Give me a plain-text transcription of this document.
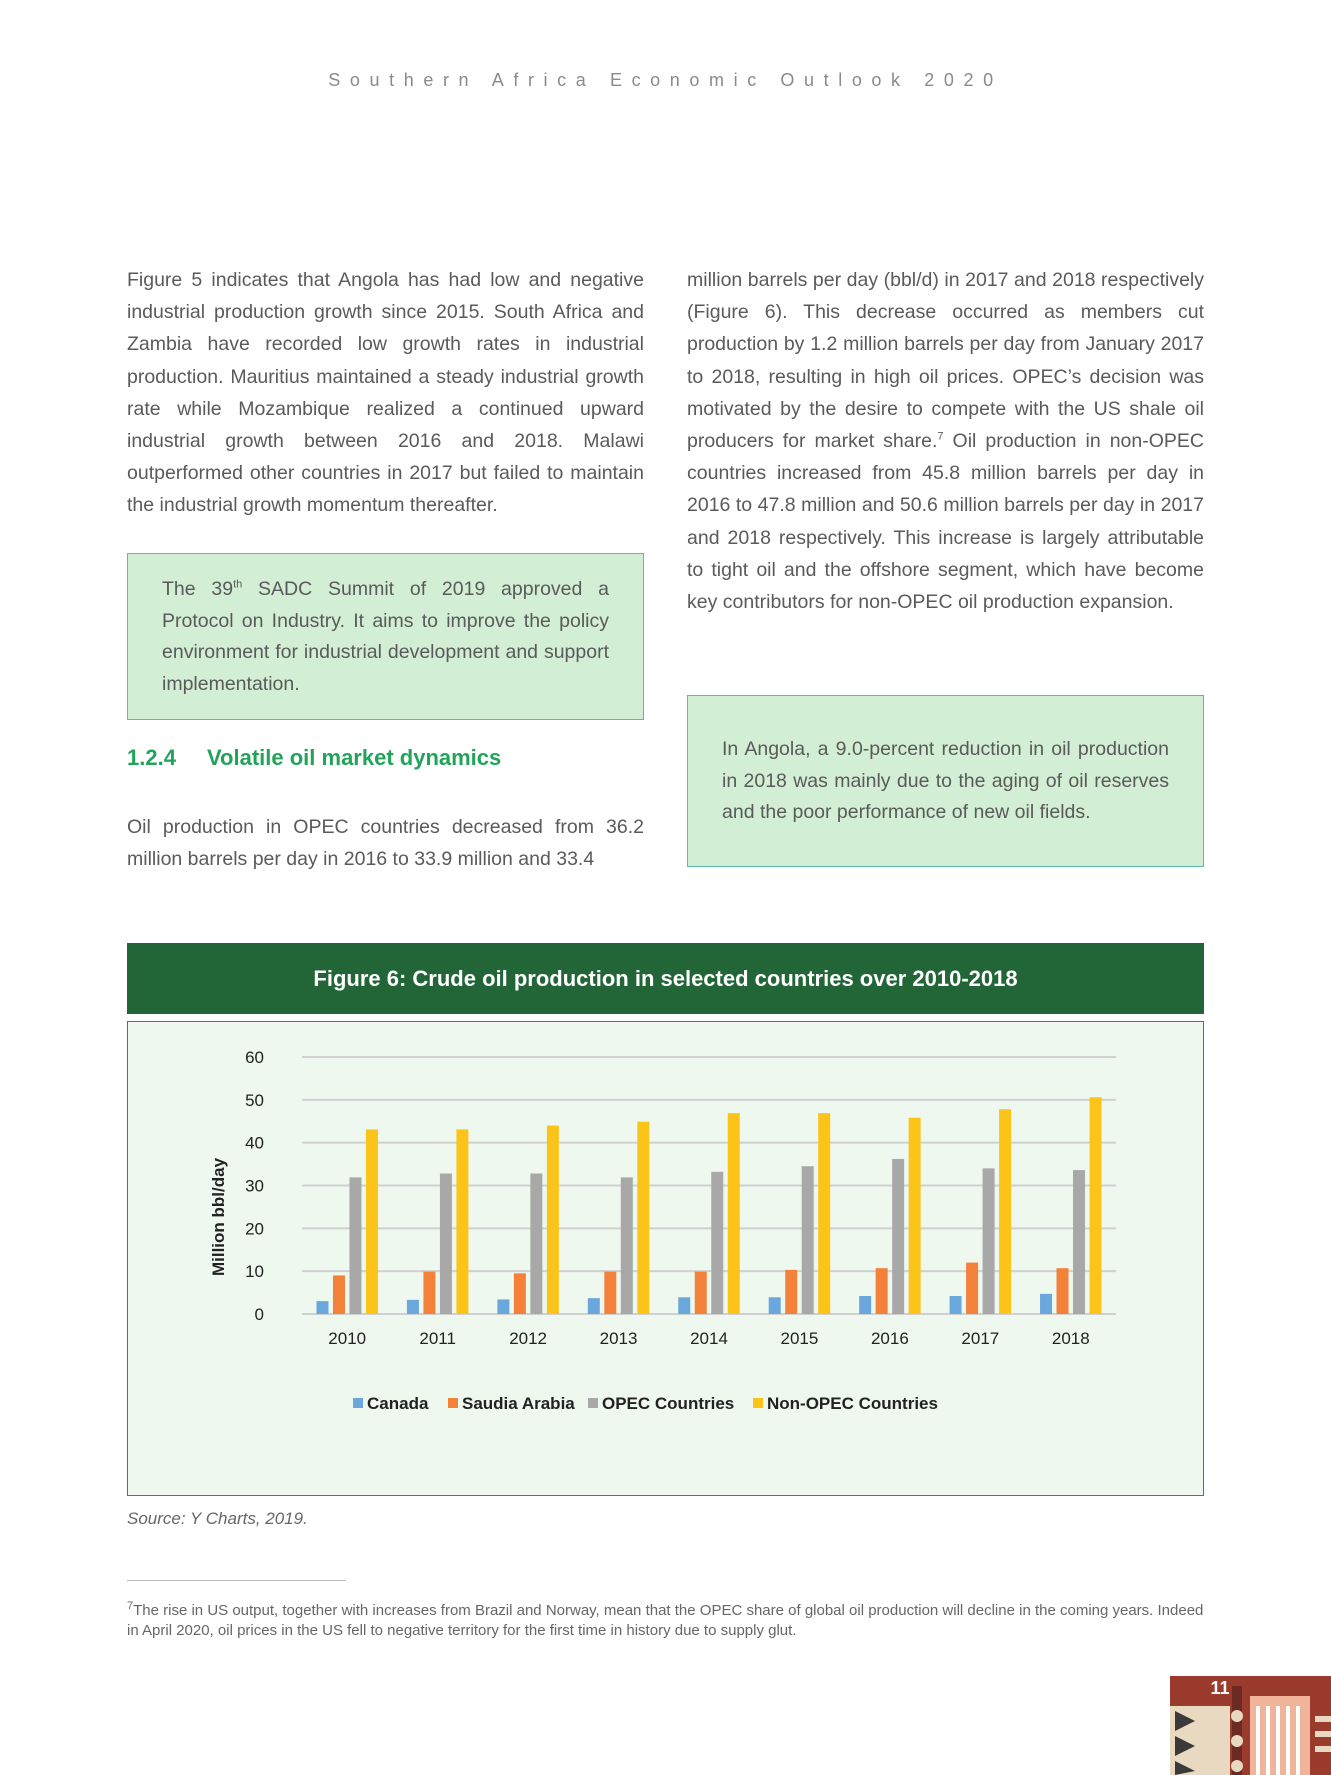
Southern Africa Economic Outlook 2020

Figure 5 indicates that Angola has had low and negative industrial production growth since 2015. South Africa and Zambia have recorded low growth rates in industrial production. Mauritius maintained a steady industrial growth rate while Mozambique realized a continued upward industrial growth between 2016 and 2018. Malawi outperformed other countries in 2017 but failed to maintain the industrial growth momentum thereafter.

The 39th SADC Summit of 2019 approved a Protocol on Industry. It aims to improve the policy environment for industrial development and support implementation.
1.2.4 Volatile oil market dynamics

Oil production in OPEC countries decreased from 36.2 million barrels per day in 2016 to 33.9 million and 33.4

million barrels per day (bbl/d) in 2017 and 2018 respectively (Figure 6). This decrease occurred as members cut production by 1.2 million barrels per day from January 2017 to 2018, resulting in high oil prices. OPEC’s decision was motivated by the desire to compete with the US shale oil producers for market share.$^7$ Oil production in non-OPEC countries increased from 45.8 million barrels per day in 2016 to 47.8 million and 50.6 million barrels per day in 2017 and 2018 respectively. This increase is largely attributable to tight oil and the offshore segment, which have become key contributors for non-OPEC oil production expansion.

In Angola, a 9.0-percent reduction in oil production in 2018 was mainly due to the aging of oil reserves and the poor performance of new oil fields.
Figure 6: Crude oil production in selected countries over 2010-2018
2010	2011	2012	2013	2014	2015	2016	2017	2018
0
10
20
30
40
50
60
Canada Saudia Arabia OPEC Countries Non-OPEC Countries
Million bbl/day
Source: Y Charts, 2019.
$^7$The rise in US output, together with increases from Brazil and Norway, mean that the OPEC share of global oil production will decline in the coming years. Indeed in April 2020, oil prices in the US fell to negative territory for the first time in history due to supply glut.
11
